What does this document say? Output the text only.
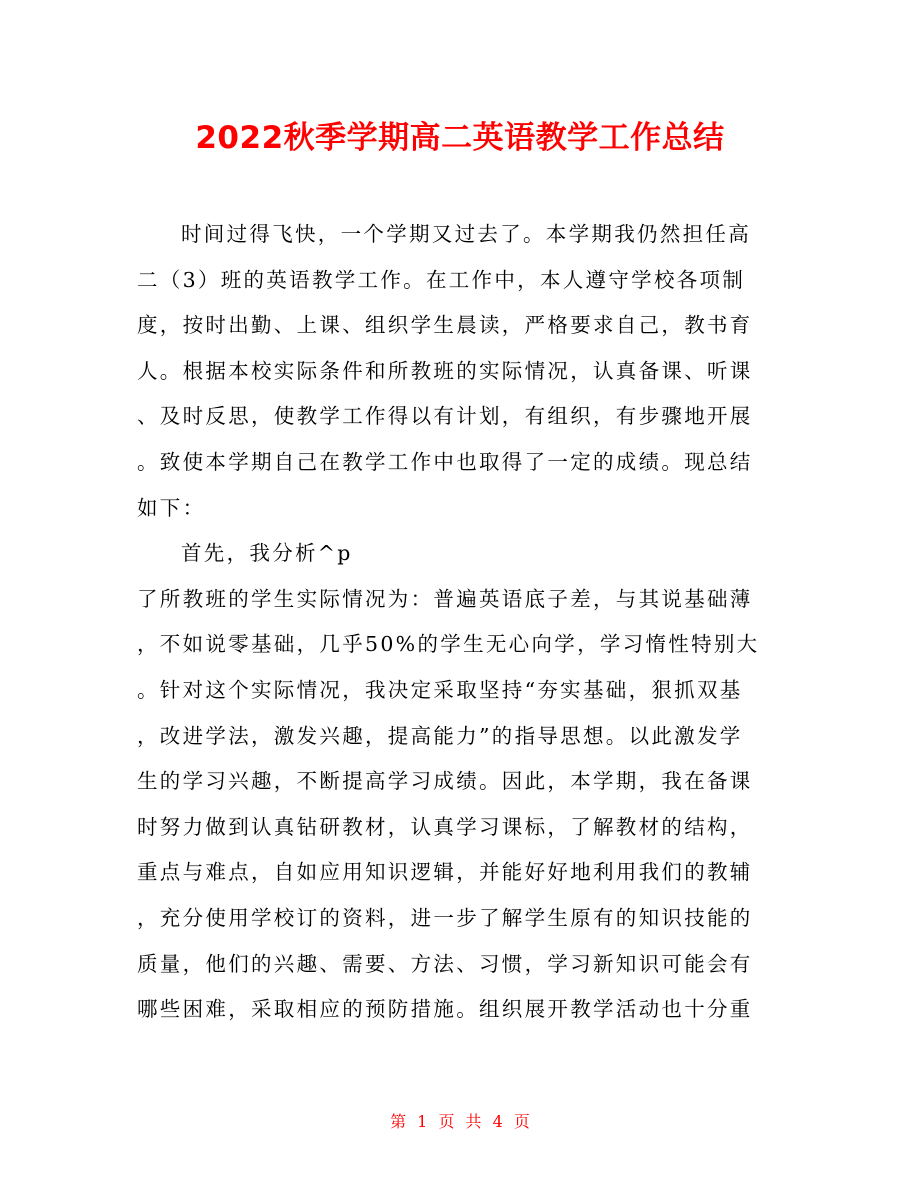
2022秋季学期高二英语教学工作总结
时间过得飞快，一个学期又过去了。本学期我仍然担任高
二（3）班的英语教学工作。在工作中，本人遵守学校各项制
度，按时出勤、上课、组织学生晨读，严格要求自己，教书育
人。根据本校实际条件和所教班的实际情况，认真备课、听课
、及时反思，使教学工作得以有计划，有组织，有步骤地开展
。致使本学期自己在教学工作中也取得了一定的成绩。现总结
如下：
首先，我分析^p
了所教班的学生实际情况为：普遍英语底子差，与其说基础薄
，不如说零基础，几乎50%的学生无心向学，学习惰性特别大
。针对这个实际情况，我决定采取坚持“夯实基础，狠抓双基
，改进学法，激发兴趣，提高能力”的指导思想。以此激发学
生的学习兴趣，不断提高学习成绩。因此，本学期，我在备课
时努力做到认真钻研教材，认真学习课标，了解教材的结构，
重点与难点，自如应用知识逻辑，并能好好地利用我们的教辅
，充分使用学校订的资料，进一步了解学生原有的知识技能的
质量，他们的兴趣、需要、方法、习惯，学习新知识可能会有
哪些困难，采取相应的预防措施。组织展开教学活动也十分重
第 1 页 共 4 页
